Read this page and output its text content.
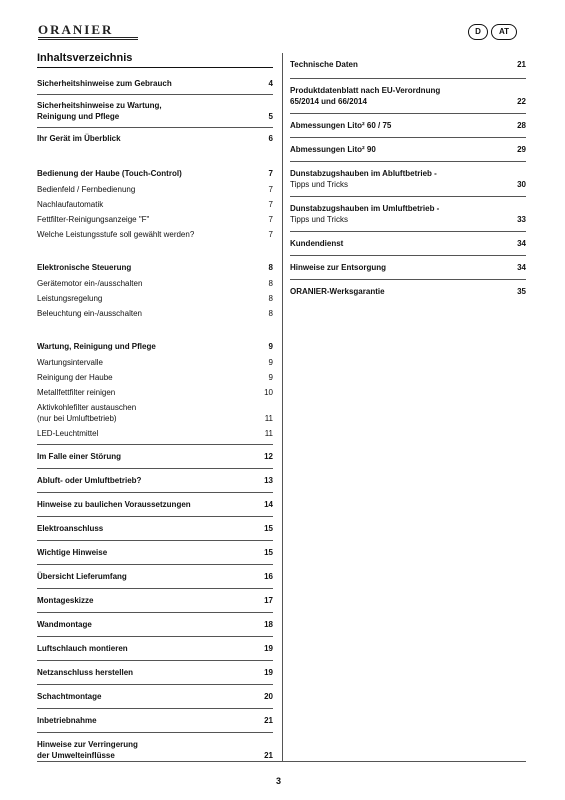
ORANIER	D	AT
Inhaltsverzeichnis
Sicherheitshinweise zum Gebrauch	4
Sicherheitshinweise zu Wartung,
Reinigung und Pflege	5
Ihr Gerät im Überblick	6
Bedienung der Haube (Touch-Control)	7
Bedienfeld / Fernbedienung	7
Nachlaufautomatik	7
Fettfilter-Reinigungsanzeige "F"	7
Welche Leistungsstufe soll gewählt werden?	7
Elektronische Steuerung	8
Gerätemotor ein-/ausschalten	8
Leistungsregelung	8
Beleuchtung ein-/ausschalten	8
Wartung, Reinigung und Pflege	9
Wartungsintervalle	9
Reinigung der Haube	9
Metallfettfilter reinigen	10
Aktivkohlefilter austauschen
(nur bei Umluftbetrieb)	11
LED-Leuchtmittel	11
Im Falle einer Störung	12
Abluft- oder Umluftbetrieb?	13
Hinweise zu baulichen Voraussetzungen	14
Elektroanschluss	15
Wichtige Hinweise	15
Übersicht Lieferumfang	16
Montageskizze	17
Wandmontage	18
Luftschlauch montieren	19
Netzanschluss herstellen	19
Schachtmontage	20
Inbetriebnahme	21
Hinweise zur Verringerung
der Umwelteinflüsse	21
Technische Daten	21
Produktdatenblatt nach EU-Verordnung
65/2014 und 66/2014	22
Abmessungen Lito² 60 / 75	28
Abmessungen Lito² 90	29
Dunstabzugshauben im Abluftbetrieb -
Tipps und Tricks	30
Dunstabzugshauben im Umluftbetrieb -
Tipps und Tricks	33
Kundendienst	34
Hinweise zur Entsorgung	34
ORANIER-Werksgarantie	35
3
